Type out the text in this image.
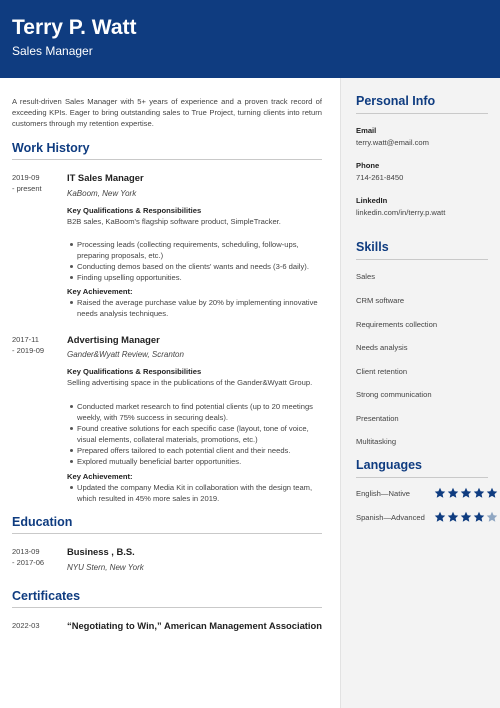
Terry P. Watt
Sales Manager

A result-driven Sales Manager with 5+ years of experience and a proven track record of exceeding KPIs. Eager to bring outstanding sales to True Project, turning clients into return customers through my retention expertise.

Work History
2019-09
- present
IT Sales Manager
KaBoom, New York
Key Qualifications & Responsibilities
B2B sales, KaBoom's flagship software product, SimpleTracker.
Processing leads (collecting requirements, scheduling, follow-ups, preparing proposals, etc.)
Conducting demos based on the clients' wants and needs (3-6 daily).
Finding upselling opportunities.
Key Achievement:
Raised the average purchase value by 20% by implementing innovative needs analysis techniques.
2017-11
- 2019-09
Advertising Manager
Gander&Wyatt Review, Scranton
Key Qualifications & Responsibilities
Selling advertising space in the publications of the Gander&Wyatt Group.
Conducted market research to find potential clients (up to 20 meetings weekly, with 75% success in securing deals).
Found creative solutions for each specific case (layout, tone of voice, visual elements, collateral materials, promotions, etc.)
Prepared offers tailored to each potential client and their needs.
Explored mutually beneficial barter opportunities.
Key Achievement:
Updated the company Media Kit in collaboration with the design team, which resulted in 45% more sales in 2019.
Education
2013-09
- 2017-06
Business , B.S.
NYU Stern, New York
Certificates
2022-03	“Negotiating to Win,” American Management Association
Personal Info
Email
terry.watt@email.com
Phone
714-261-8450
LinkedIn
linkedin.com/in/terry.p.watt
Skills
Sales
CRM software
Requirements collection
Needs analysis
Client retention
Strong communication
Presentation
Multitasking
Languages
English—Native
Spanish—Advanced
